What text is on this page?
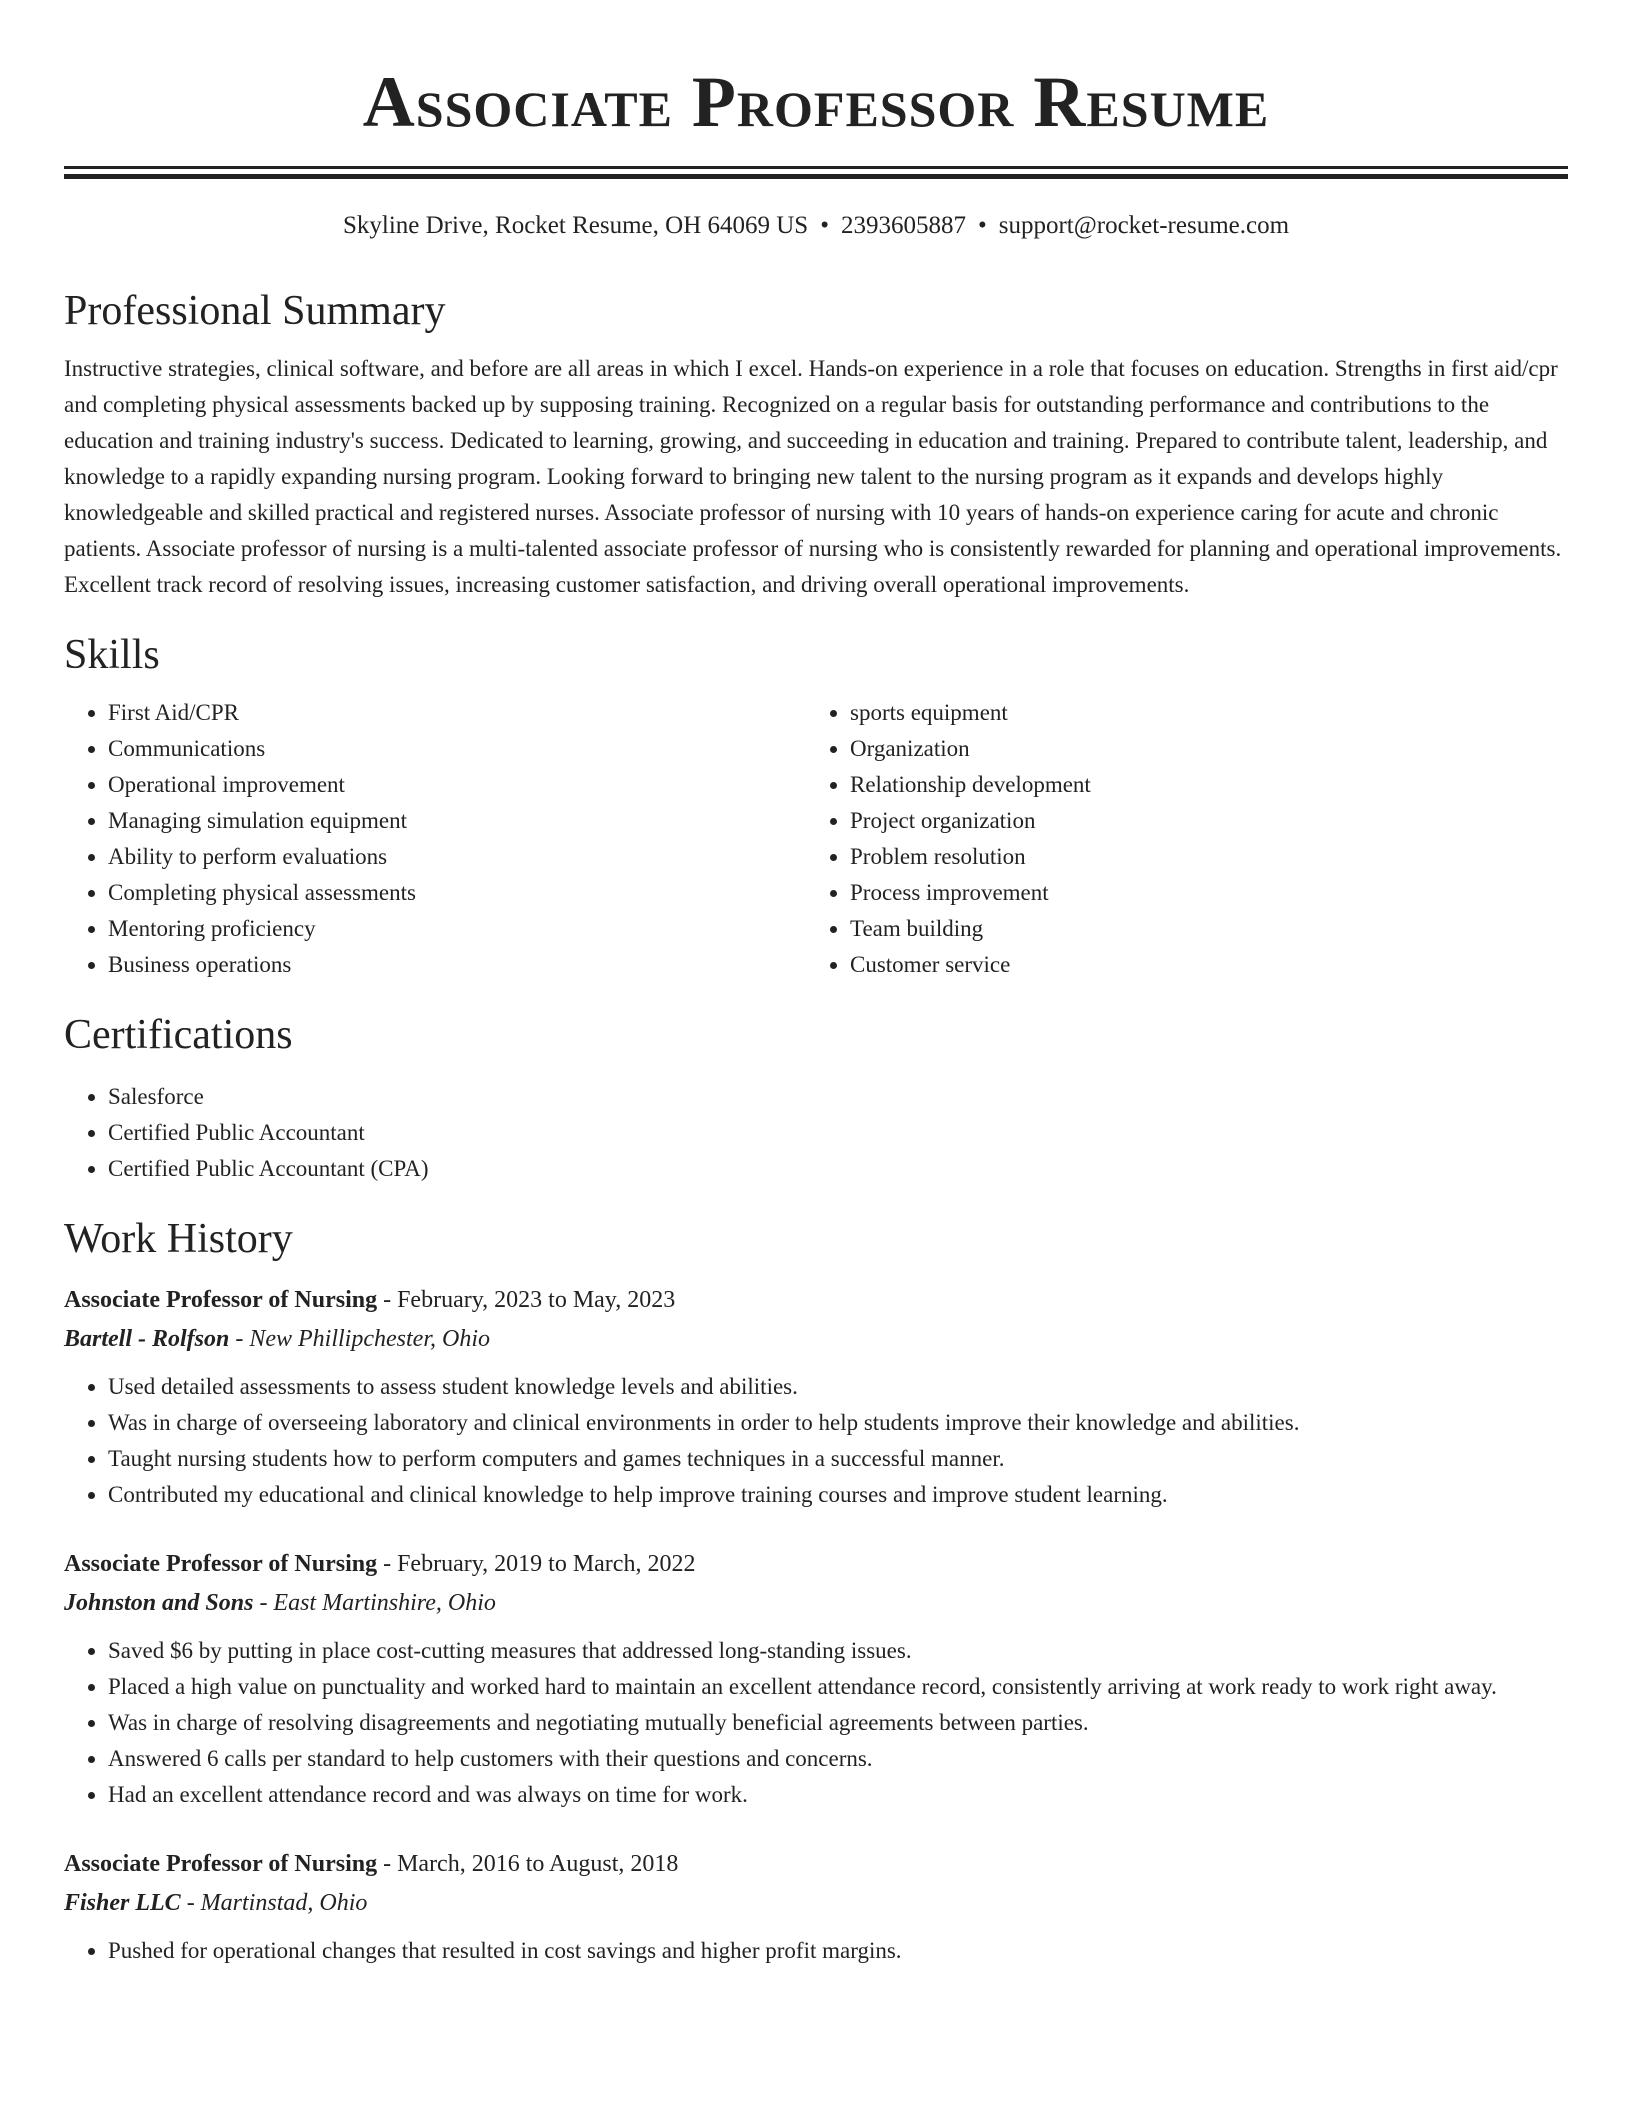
Associate Professor Resume
Skyline Drive, Rocket Resume, OH 64069 US • 2393605887 • support@rocket-resume.com
Professional Summary

Instructive strategies, clinical software, and before are all areas in which I excel. Hands-on experience in a role that focuses on education. Strengths in first aid/cpr and completing physical assessments backed up by supposing training. Recognized on a regular basis for outstanding performance and contributions to the education and training industry's success. Dedicated to learning, growing, and succeeding in education and training. Prepared to contribute talent, leadership, and knowledge to a rapidly expanding nursing program. Looking forward to bringing new talent to the nursing program as it expands and develops highly knowledgeable and skilled practical and registered nurses. Associate professor of nursing with 10 years of hands-on experience caring for acute and chronic patients. Associate professor of nursing is a multi-talented associate professor of nursing who is consistently rewarded for planning and operational improvements. Excellent track record of resolving issues, increasing customer satisfaction, and driving overall operational improvements.

Skills
• First Aid/CPR
• Communications
• Operational improvement
• Managing simulation equipment
• Ability to perform evaluations
• Completing physical assessments
• Mentoring proficiency
• Business operations
• sports equipment
• Organization
• Relationship development
• Project organization
• Problem resolution
• Process improvement
• Team building
• Customer service
Certifications
• Salesforce
• Certified Public Accountant
• Certified Public Accountant (CPA)
Work History
Associate Professor of Nursing - February, 2023 to May, 2023
Bartell - Rolfson - New Phillipchester, Ohio
• Used detailed assessments to assess student knowledge levels and abilities.
• Was in charge of overseeing laboratory and clinical environments in order to help students improve their knowledge and abilities.
• Taught nursing students how to perform computers and games techniques in a successful manner.
• Contributed my educational and clinical knowledge to help improve training courses and improve student learning.
Associate Professor of Nursing - February, 2019 to March, 2022
Johnston and Sons - East Martinshire, Ohio
• Saved $6 by putting in place cost-cutting measures that addressed long-standing issues.
• Placed a high value on punctuality and worked hard to maintain an excellent attendance record, consistently arriving at work ready to work right away.
• Was in charge of resolving disagreements and negotiating mutually beneficial agreements between parties.
• Answered 6 calls per standard to help customers with their questions and concerns.
• Had an excellent attendance record and was always on time for work.
Associate Professor of Nursing - March, 2016 to August, 2018
Fisher LLC - Martinstad, Ohio
• Pushed for operational changes that resulted in cost savings and higher profit margins.
